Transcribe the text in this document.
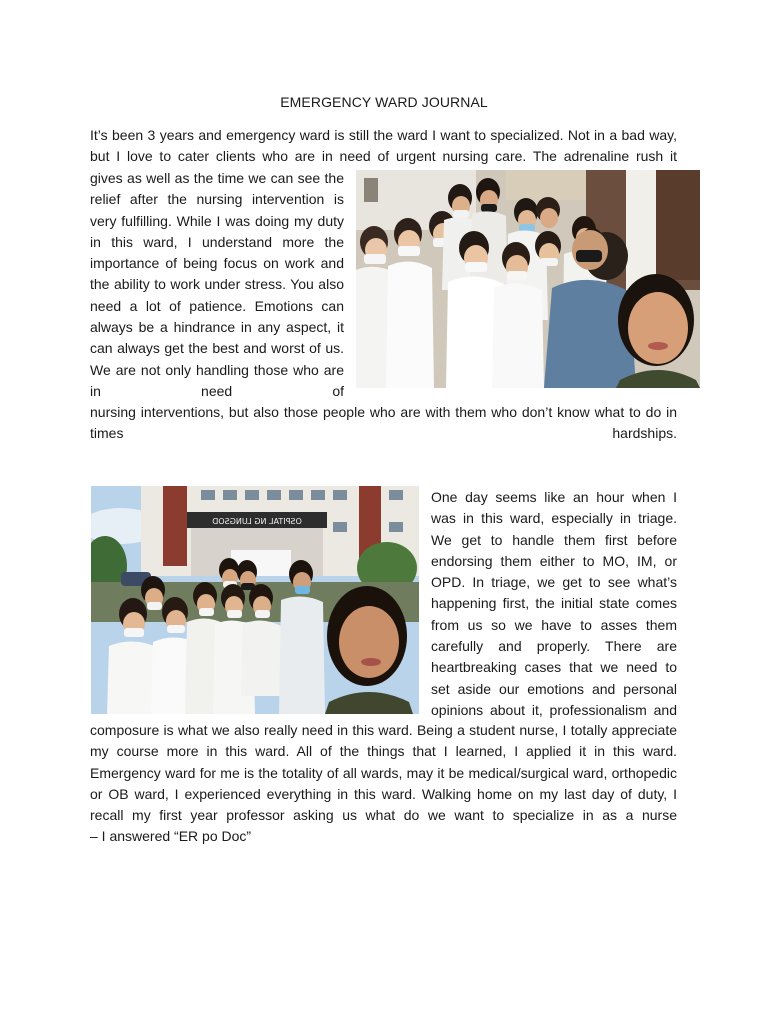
EMERGENCY WARD JOURNAL

It’s been 3 years and emergency ward is still the ward I want to specialized. Not in a bad way, but I love to cater clients who are in need of urgent nursing care. The adrenaline rush it

gives as well as the time we can see the relief after the nursing intervention is very fulfilling. While I was doing my duty in this ward, I understand more the importance of being focus on work and the ability to work under stress. You also need a lot of patience. Emotions can always be a hindrance in any aspect, it can always get the best and worst of us. We are not only handling those who are in need of

nursing interventions, but also those people who are with them who don’t know what to do in times hardships.

One day seems like an hour when I was in this ward, especially in triage. We get to handle them first before endorsing them either to MO, IM, or OPD. In triage, we get to see what’s happening first, the initial state comes from us so we have to asses them carefully and properly. There are heartbreaking cases that we need to set aside our emotions and personal opinions about it, professionalism and

composure is what we also really need in this ward. Being a student nurse, I totally appreciate my course more in this ward. All of the things that I learned, I applied it in this ward. Emergency ward for me is the totality of all wards, may it be medical/surgical ward, orthopedic or OB ward, I experienced everything in this ward. Walking home on my last day of duty, I recall my first year professor asking us what do we want to specialize in as a nurse

– I answered “ER po Doc”

OSPITAL NG LUNGSOD
